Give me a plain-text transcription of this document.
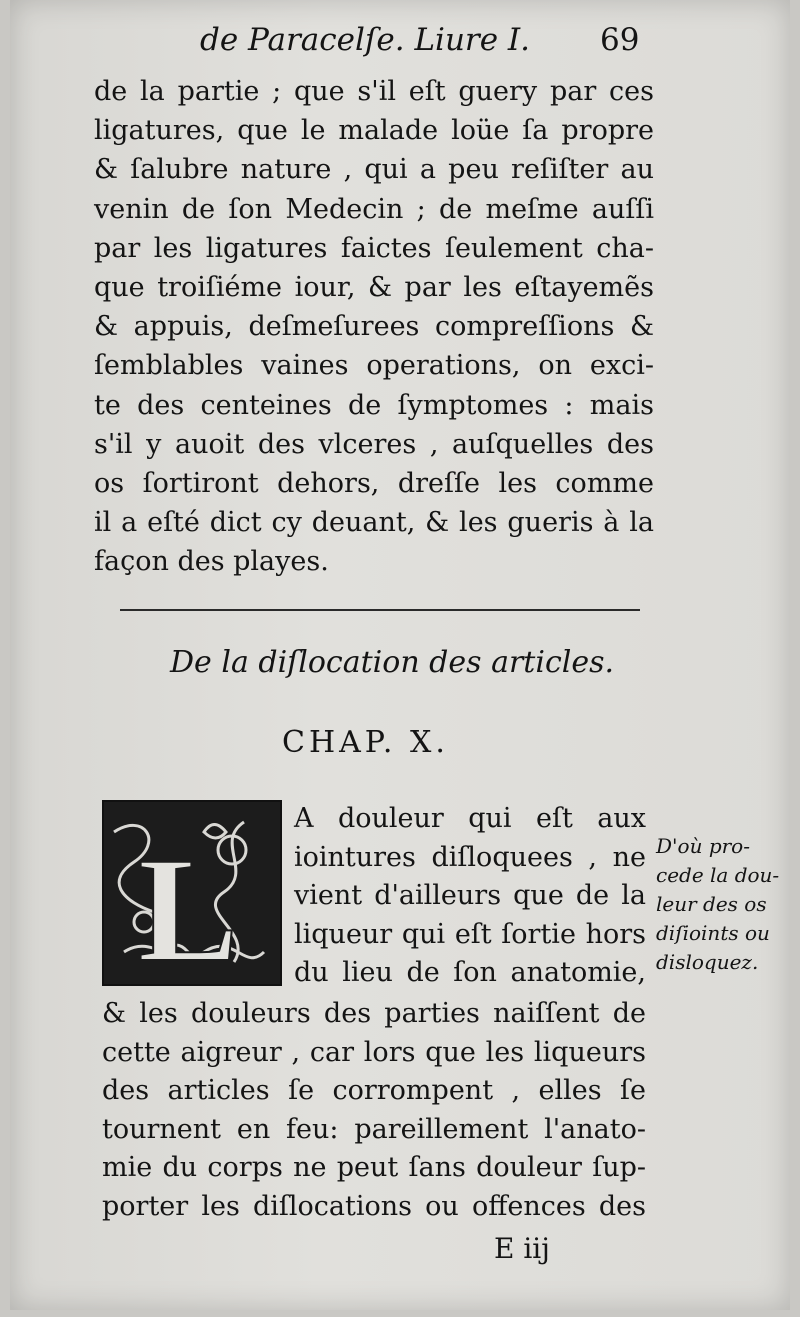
de Paracelſe. Liure I. 69
de la partie ; que s'il eſt guery par ces
ligatures, que le malade loüe ſa propre
& ſalubre nature , qui a peu reſiſter au
venin de ſon Medecin ; de meſme auſſi
par les ligatures faictes ſeulement cha-
que troiſiéme iour, & par les eſtayemẽs
& appuis, deſmeſurees compreſſions &
ſemblables vaines operations, on exci-
te des centeines de ſymptomes : mais
s'il y auoit des vlceres , auſquelles des
os ſortiront dehors, dreſſe les comme
il a eſté dict cy deuant, & les gueris à la
façon des playes.
De la diſlocation des articles.
CHAP. X.
L
A douleur qui eſt aux
iointures diſloquees , ne
vient d'ailleurs que de la
liqueur qui eſt ſortie hors
du lieu de ſon anatomie,
& les douleurs des parties naiſſent de
cette aigreur , car lors que les liqueurs
des articles ſe corrompent , elles ſe
tournent en feu: pareillement l'anato-
mie du corps ne peut ſans douleur ſup-
porter les diſlocations ou offences des
D'où pro-
cede la dou-
leur des os
diſioints ou
disloquez.
E iij
